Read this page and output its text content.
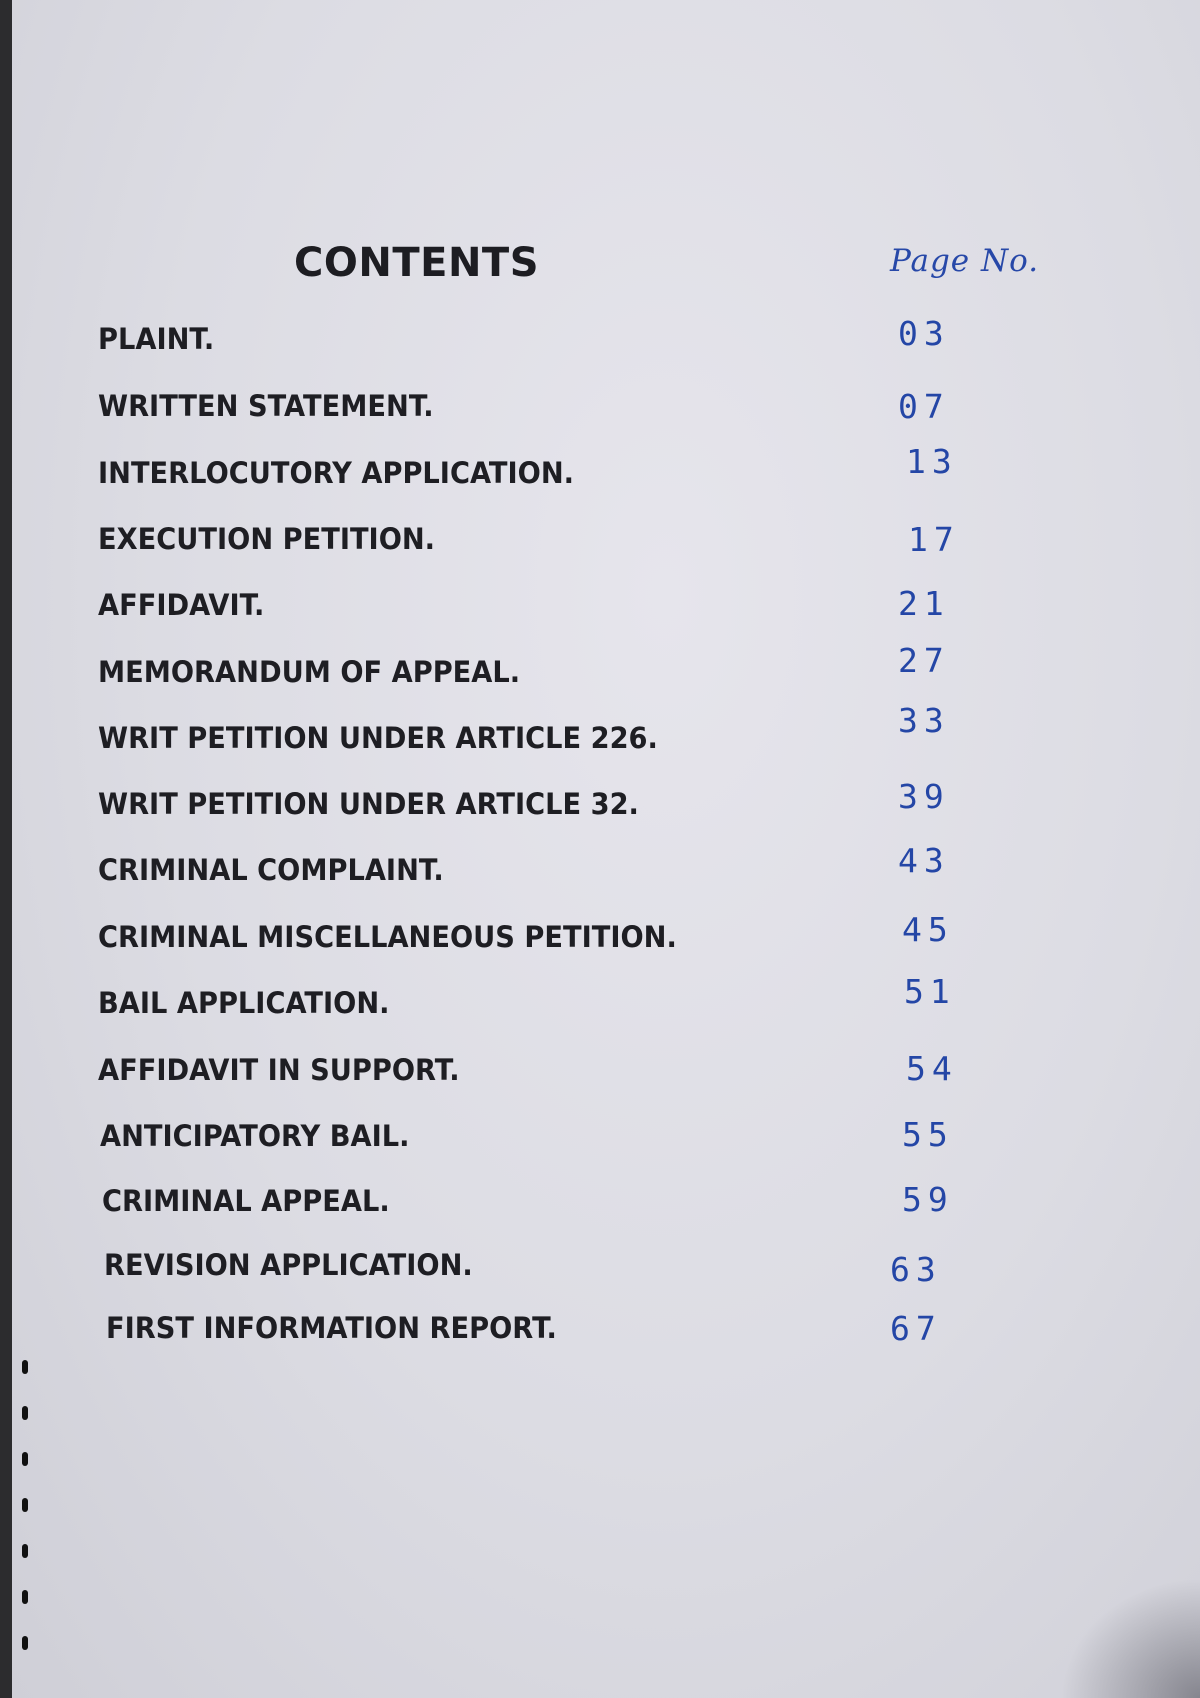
CONTENTS	Page No.

PLAINT.	03
WRITTEN STATEMENT.	07
INTERLOCUTORY APPLICATION.	13
EXECUTION PETITION.	17
AFFIDAVIT.	21
MEMORANDUM OF APPEAL.	27
WRIT PETITION UNDER ARTICLE 226.	33
WRIT PETITION UNDER ARTICLE 32.	39
CRIMINAL COMPLAINT.	43
CRIMINAL MISCELLANEOUS PETITION.	45
BAIL APPLICATION.	51
AFFIDAVIT IN SUPPORT.	54
ANTICIPATORY BAIL.	55
CRIMINAL APPEAL.	59
REVISION APPLICATION.	63
FIRST INFORMATION REPORT.	67
